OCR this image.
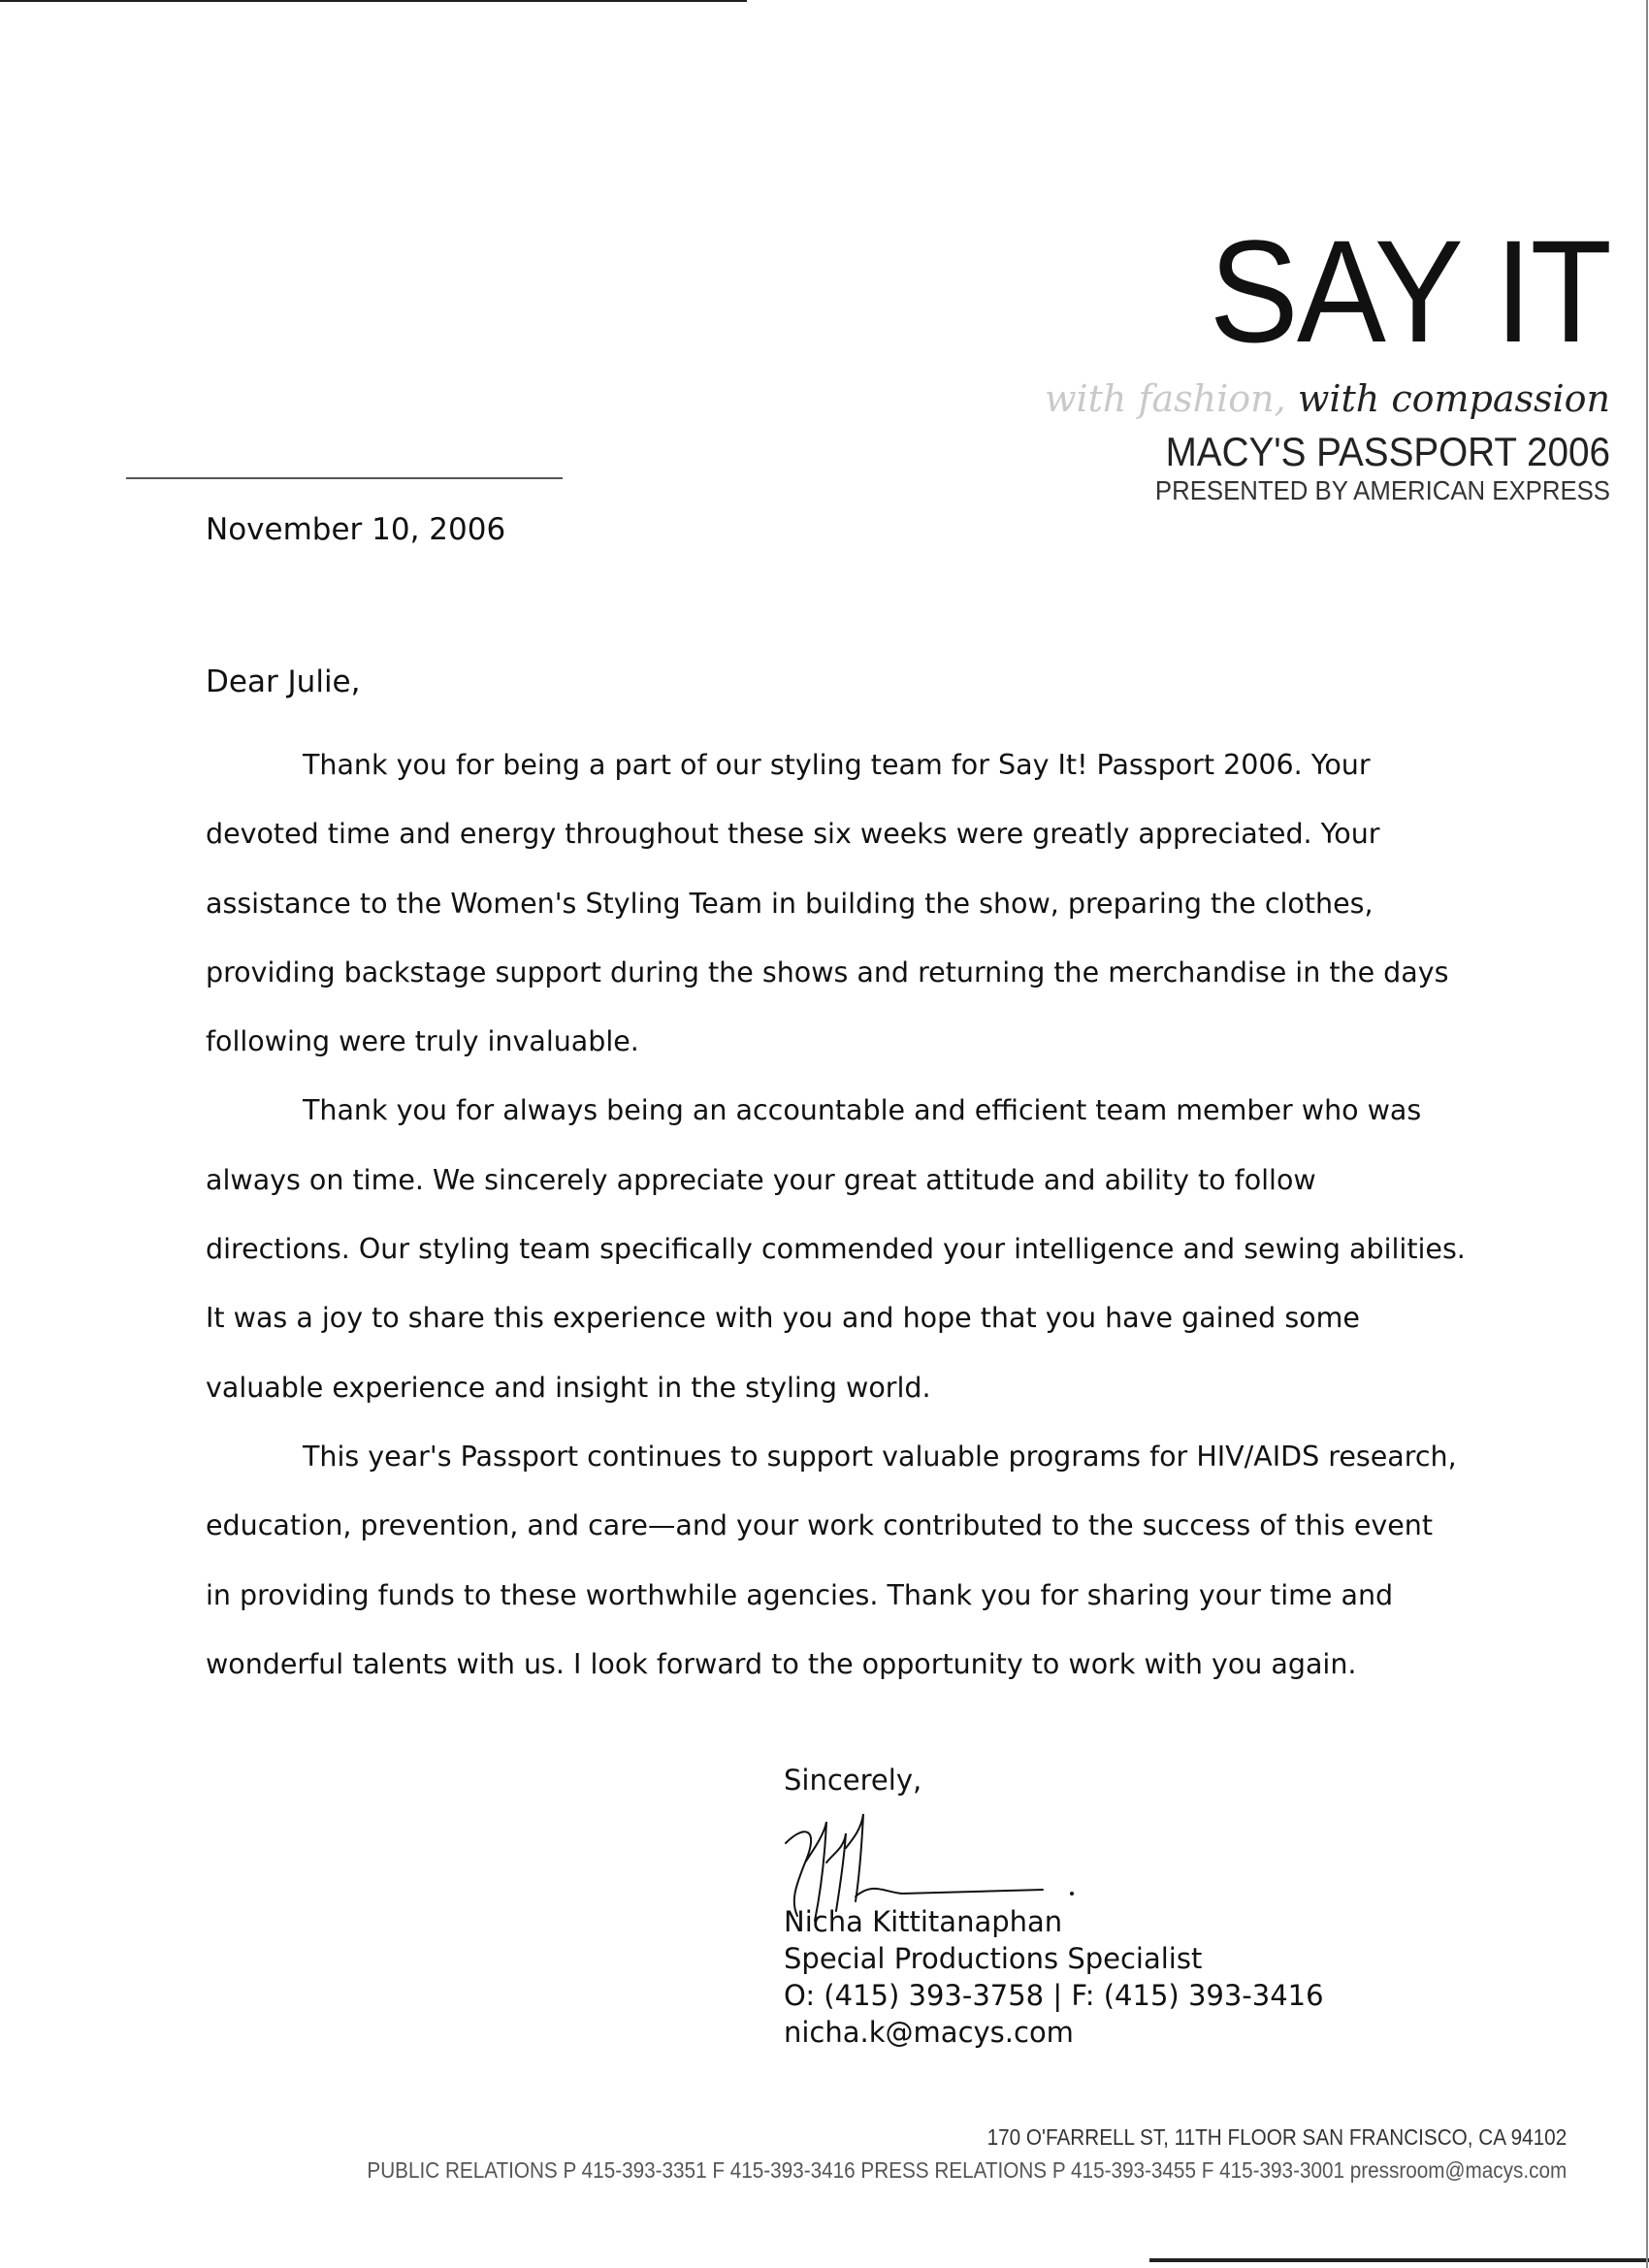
SAY IT
with fashion, with compassion
MACY'S PASSPORT 2006
PRESENTED BY AMERICAN EXPRESS
November 10, 2006
Dear Julie,

Thank you for being a part of our styling team for Say It! Passport 2006. Your devoted time and energy throughout these six weeks were greatly appreciated. Your assistance to the Women's Styling Team in building the show, preparing the clothes, providing backstage support during the shows and returning the merchandise in the days following were truly invaluable.

Thank you for always being an accountable and efficient team member who was always on time. We sincerely appreciate your great attitude and ability to follow directions. Our styling team specifically commended your intelligence and sewing abilities. It was a joy to share this experience with you and hope that you have gained some valuable experience and insight in the styling world.

This year's Passport continues to support valuable programs for HIV/AIDS research, education, prevention, and care—and your work contributed to the success of this event in providing funds to these worthwhile agencies. Thank you for sharing your time and wonderful talents with us. I look forward to the opportunity to work with you again.

Sincerely,
Nicha Kittitanaphan
Special Productions Specialist
O: (415) 393-3758 | F: (415) 393-3416
nicha.k@macys.com
170 O'FARRELL ST, 11TH FLOOR SAN FRANCISCO, CA 94102
PUBLIC RELATIONS P 415-393-3351 F 415-393-3416 PRESS RELATIONS P 415-393-3455 F 415-393-3001 pressroom@macys.com
